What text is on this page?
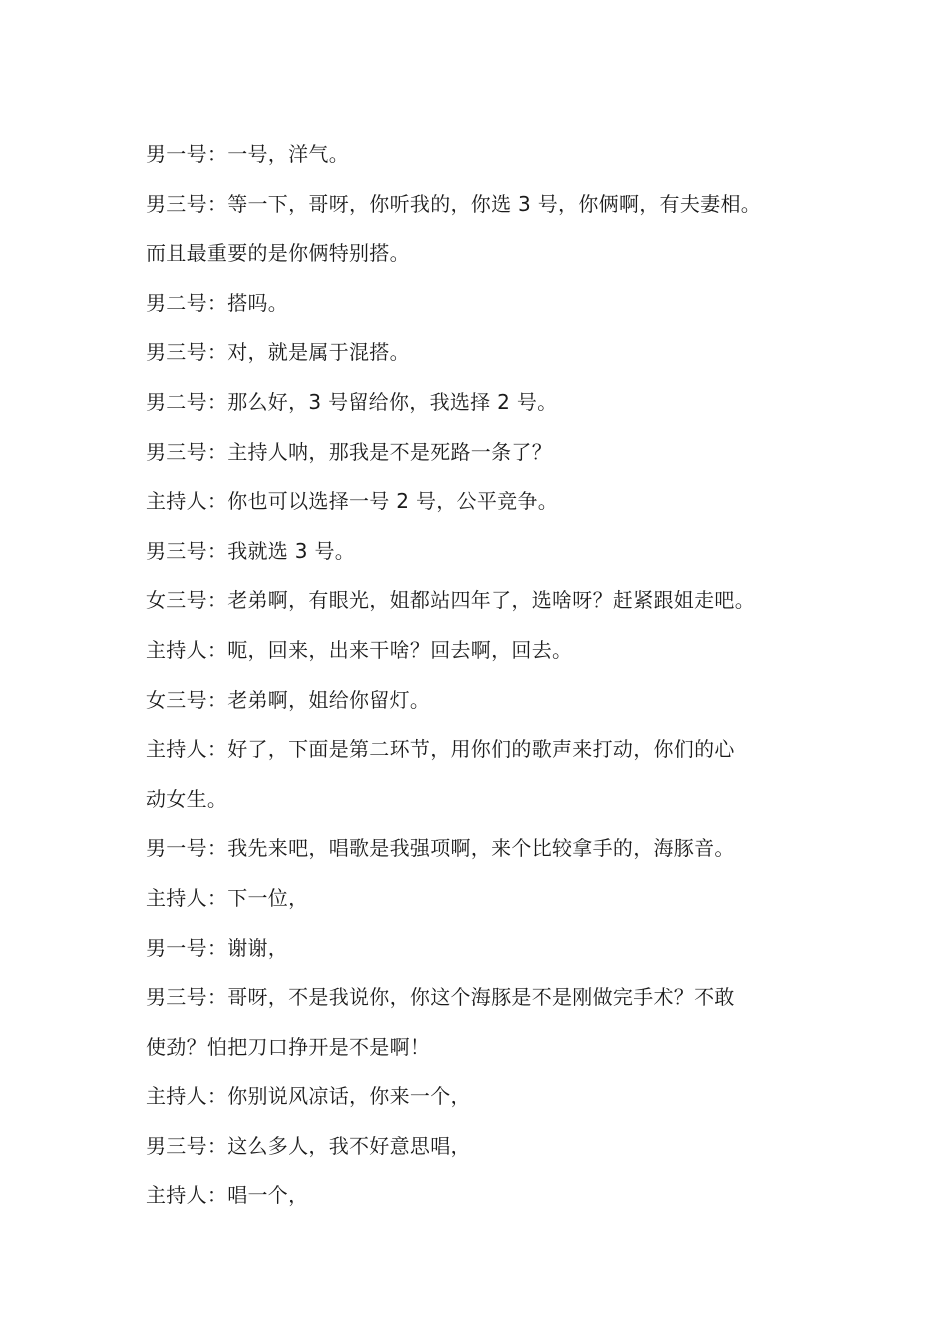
男一号：一号，洋气。
男三号：等一下，哥呀，你听我的，你选 3 号，你俩啊，有夫妻相。
而且最重要的是你俩特别搭。
男二号：搭吗。
男三号：对，就是属于混搭。
男二号：那么好，3 号留给你，我选择 2 号。
男三号：主持人呐，那我是不是死路一条了？
主持人：你也可以选择一号 2 号，公平竞争。
男三号：我就选 3 号。
女三号：老弟啊，有眼光，姐都站四年了，选啥呀？赶紧跟姐走吧。
主持人：呃，回来，出来干啥？回去啊，回去。
女三号：老弟啊，姐给你留灯。
主持人：好了，下面是第二环节，用你们的歌声来打动，你们的心
动女生。
男一号：我先来吧，唱歌是我强项啊，来个比较拿手的，海豚音。
主持人：下一位，
男一号：谢谢，
男三号：哥呀，不是我说你，你这个海豚是不是刚做完手术？不敢
使劲？怕把刀口挣开是不是啊！
主持人：你别说风凉话，你来一个，
男三号：这么多人，我不好意思唱，
主持人：唱一个，
